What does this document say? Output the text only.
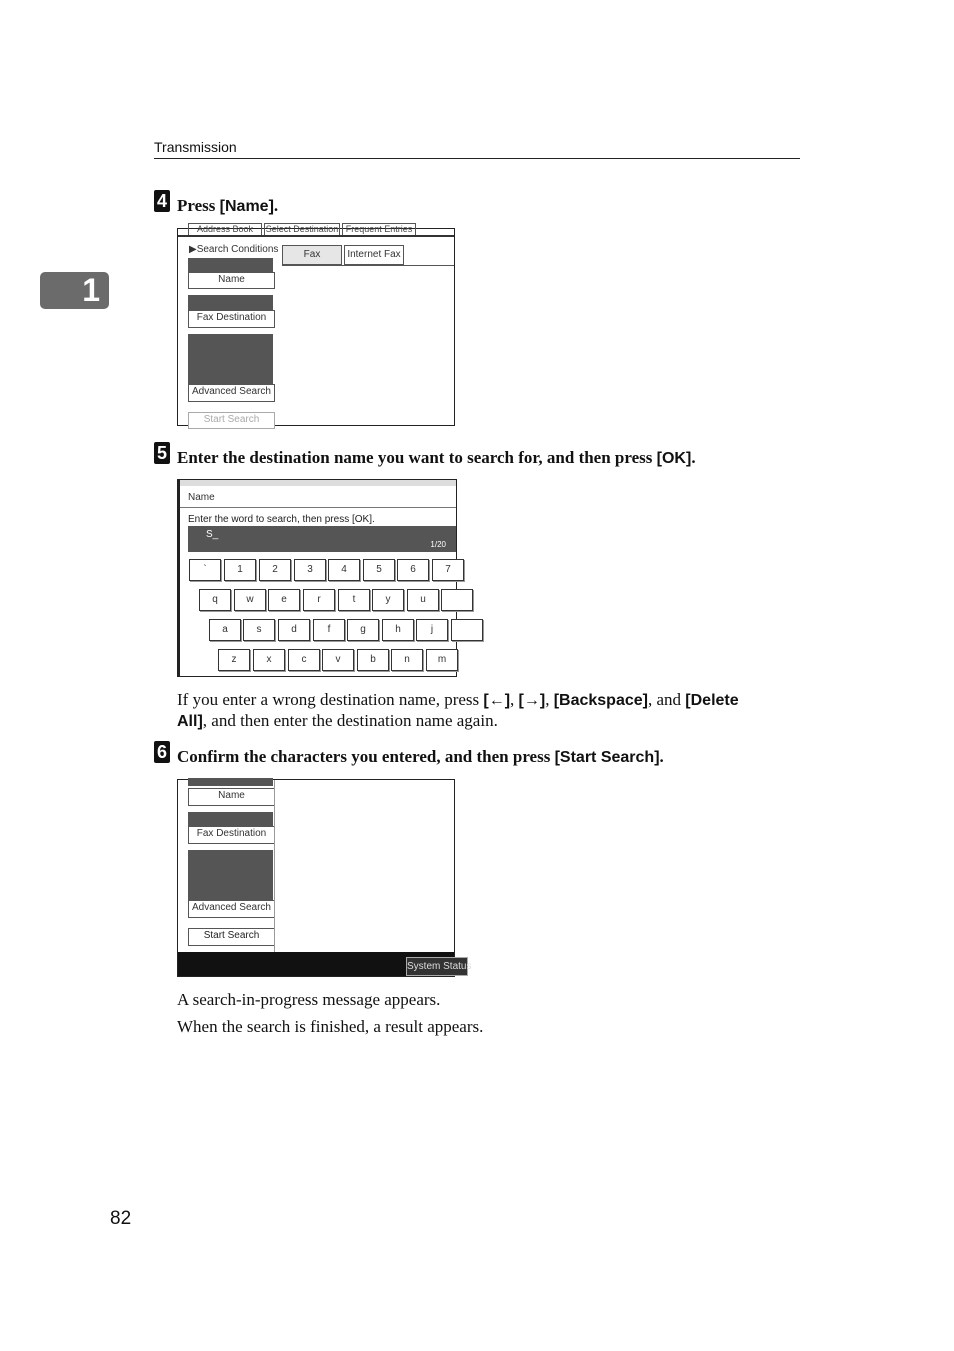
Transmission
1
4 Press [Name].
Address Book	Select Destination Frequent Entries
▶Search Conditions
Name
Fax Destination
Advanced Search
Start Search
Fax	Internet Fax
5 Enter the destination name you want to search for, and then press [OK].
Name
Enter the word to search, then press [OK].
S_
1/20
`	1	2	3	4	5	6	7
q	w	e	r	t	y	u
a	s	d	f	g	h	j
z	x	c	v	b	n	m
If you enter a wrong destination name, press [←], [→], [Backspace], and [Delete
All], and then enter the destination name again.
6 Confirm the characters you entered, and then press [Start Search].
Name
Fax Destination
Advanced Search
Start Search
System Status
A search-in-progress message appears.
When the search is finished, a result appears.
82
